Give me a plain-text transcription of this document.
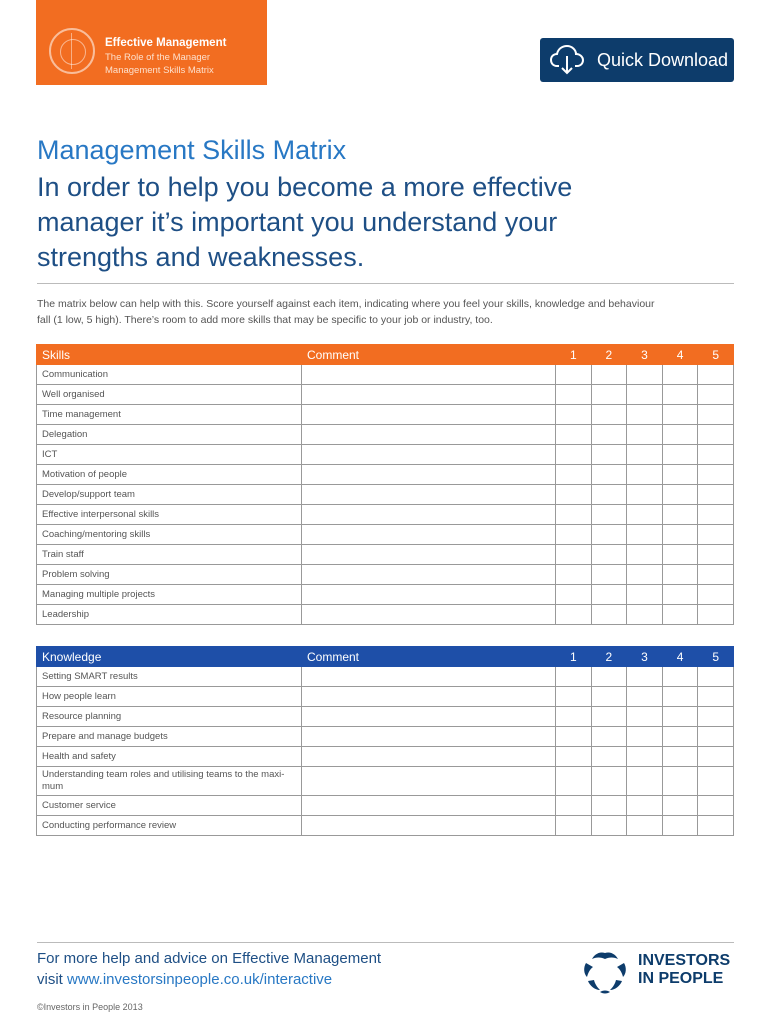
Effective Management
The Role of the Manager
Management Skills Matrix
Quick Download
Management Skills Matrix
In order to help you become a more effective manager it’s important you understand your strengths and weaknesses.
The matrix below can help with this. Score yourself against each item, indicating where you feel your skills, knowledge and behaviour fall (1 low, 5 high). There’s room to add more skills that may be specific to your job or industry, too.
Skills	Comment	1	2	3	4	5
Communication						
Well organised						
Time management						
Delegation						
ICT						
Motivation of people						
Develop/support team						
Effective interpersonal skills						
Coaching/mentoring skills						
Train staff						
Problem solving						
Managing multiple projects						
Leadership						
Knowledge	Comment	1	2	3	4	5
Setting SMART results						
How people learn						
Resource planning						
Prepare and manage budgets						
Health and safety						
Understanding team roles and utilising teams to the maxi- mum						
Customer service						
Conducting performance review						
For more help and advice on Effective Management
visit www.investorsinpeople.co.uk/interactive
©Investors in People 2013
INVESTORS
IN PEOPLE
